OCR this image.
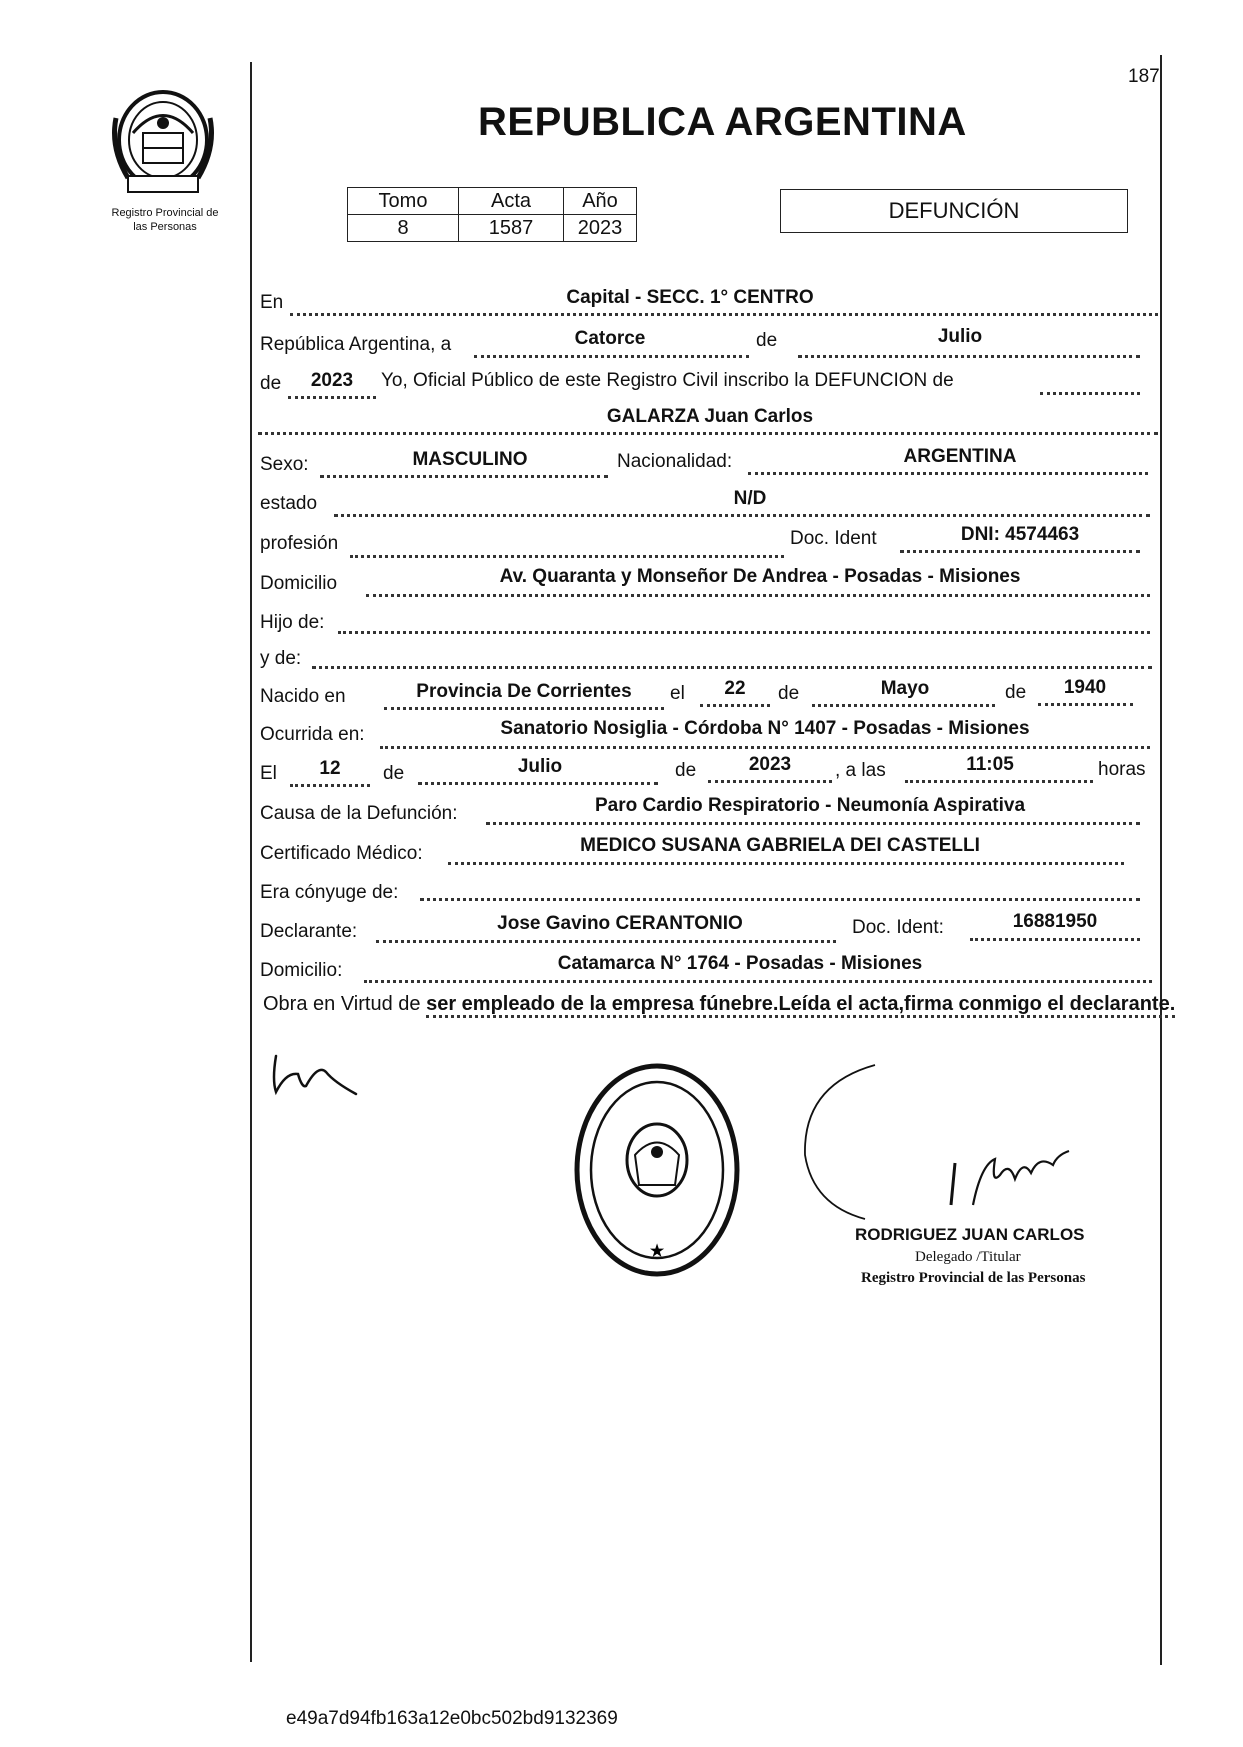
187
Registro Provincial de
las Personas
REPUBLICA ARGENTINA
Tomo	Acta	Año
8	1587	2023
DEFUNCIÓN
En	Capital - SECC. 1° CENTRO
República Argentina, a	Catorce	de	Julio
de	2023	Yo, Oficial Público de este Registro Civil inscribo la DEFUNCION de
GALARZA Juan Carlos
Sexo:	MASCULINO	Nacionalidad:	ARGENTINA
estado	N/D
profesión	Doc. Ident	DNI: 4574463
Domicilio	Av. Quaranta y Monseñor De Andrea - Posadas - Misiones
Hijo de:
y de:
Nacido en	Provincia De Corrientes	el	22	de	Mayo	de	1940
Ocurrida en:	Sanatorio Nosiglia - Córdoba N° 1407 - Posadas - Misiones
El	12	de	Julio	de	2023	, a las	11:05	horas
Causa de la Defunción:	Paro Cardio Respiratorio - Neumonía Aspirativa
Certificado Médico:	MEDICO SUSANA GABRIELA DEI CASTELLI
Era cónyuge de:
Declarante:	Jose Gavino CERANTONIO	Doc. Ident:	16881950
Domicilio:	Catamarca N° 1764 - Posadas - Misiones
Obra en Virtud de ser empleado de la empresa fúnebre.Leída el acta,firma conmigo el declarante.
★
RODRIGUEZ JUAN CARLOS
Delegado /Titular
Registro Provincial de las Personas
e49a7d94fb163a12e0bc502bd9132369
